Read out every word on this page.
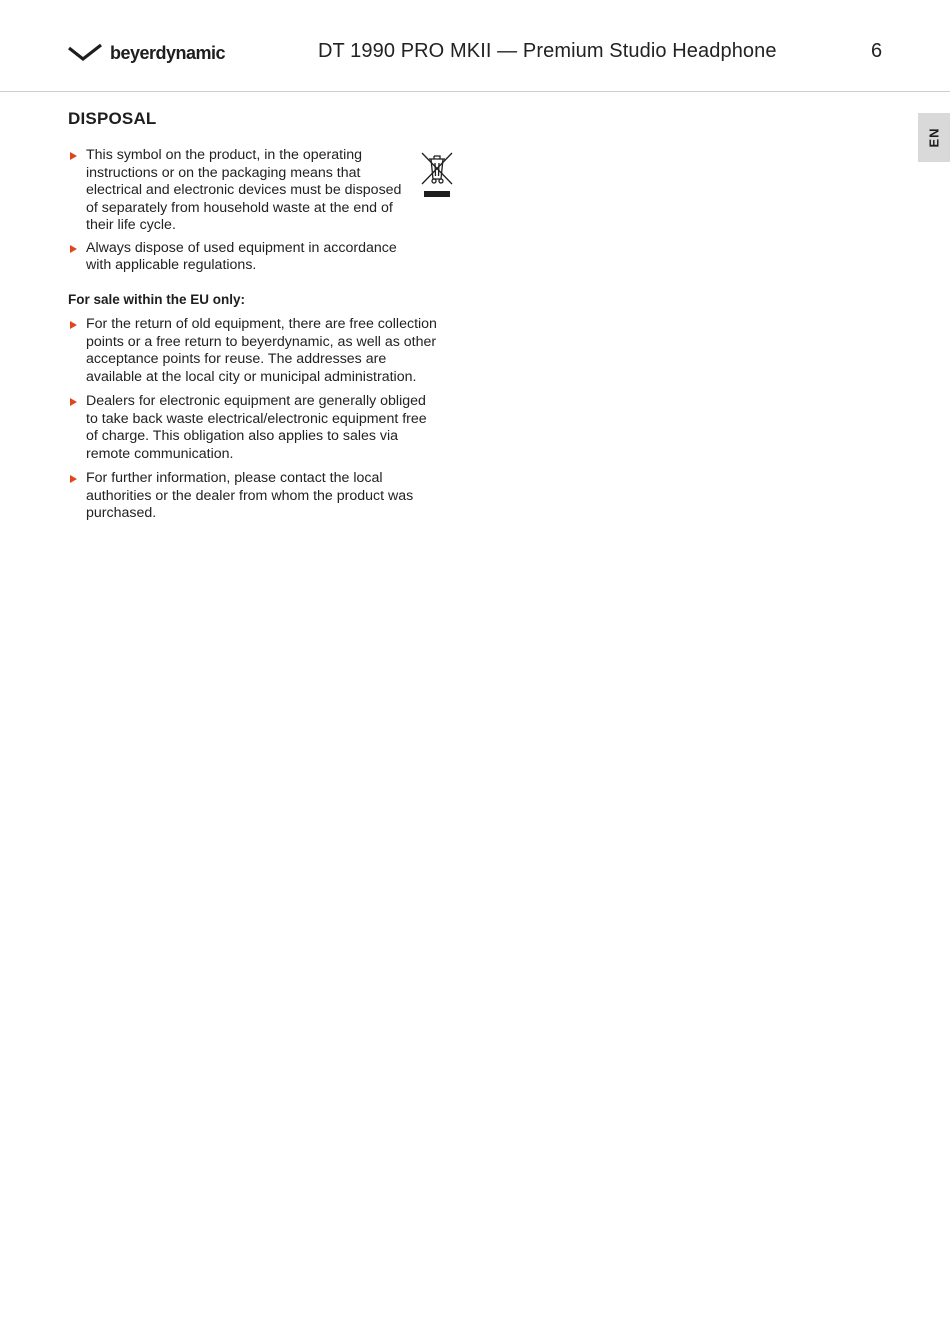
beyerdynamic	DT 1990 PRO MKII — Premium Studio Headphone	6
EN
DISPOSAL
This symbol on the product, in the operating instructions or on the packaging means that electrical and electronic devices must be disposed of separately from household waste at the end of their life cycle.
Always dispose of used equipment in accordance with applicable regulations.
For sale within the EU only:
For the return of old equipment, there are free collection points or a free return to beyerdynamic, as well as other acceptance points for reuse. The addresses are available at the local city or municipal administration.
Dealers for electronic equipment are generally obliged to take back waste electrical/electronic equipment free of charge. This obligation also applies to sales via remote communication.
For further information, please contact the local authorities or the dealer from whom the product was purchased.
